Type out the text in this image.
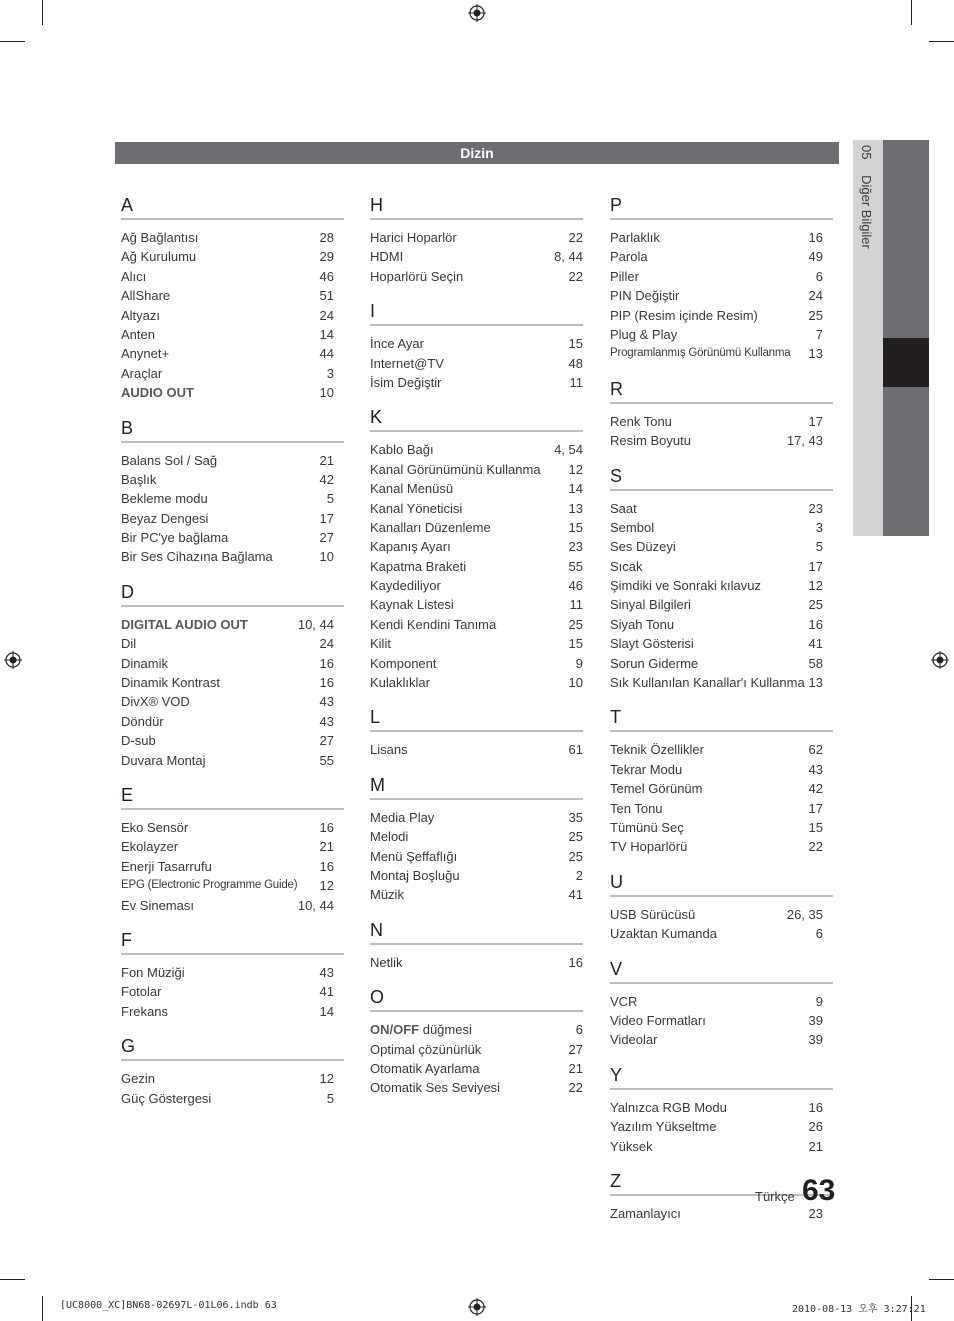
Dizin	05 Diğer Bilgiler
A
Ağ Bağlantısı	28
Ağ Kurulumu	29
Alıcı	46
AllShare	51
Altyazı	24
Anten	14
Anynet+	44
Araçlar	3
AUDIO OUT	10
B
Balans Sol / Sağ	21
Başlık	42
Bekleme modu	5
Beyaz Dengesi	17
Bir PC'ye bağlama	27
Bir Ses Cihazına Bağlama	10
D
DIGITAL AUDIO OUT	10, 44
Dil	24
Dinamik	16
Dinamik Kontrast	16
DivX® VOD	43
Döndür	43
D-sub	27
Duvara Montaj	55
E
Eko Sensör	16
Ekolayzer	21
Enerji Tasarrufu	16
EPG (Electronic Programme Guide) 12
Ev Sineması	10, 44
F
Fon Müziği	43
Fotolar	41
Frekans	14
G
Gezin	12
Güç Göstergesi	5
H
Harici Hoparlör	22
HDMI	8, 44
Hoparlörü Seçin	22
I
İnce Ayar	15
Internet@TV	48
İsim Değiştir	11
K
Kablo Bağı	4, 54
Kanal Görünümünü Kullanma 12
Kanal Menüsü	14
Kanal Yöneticisi	13
Kanalları Düzenleme	15
Kapanış Ayarı	23
Kapatma Braketi	55
Kaydediliyor	46
Kaynak Listesi	11
Kendi Kendini Tanıma	25
Kilit	15
Komponent	9
Kulaklıklar	10
L
Lisans	61
M
Media Play	35
Melodi	25
Menü Şeffaflığı	25
Montaj Boşluğu	2
Müzik	41
N
Netlik	16
O
ON/OFF düğmesi	6
Optimal çözünürlük	27
Otomatik Ayarlama	21
Otomatik Ses Seviyesi	22
P
Parlaklık	16
Parola	49
Piller	6
PIN Değiştir	24
PIP (Resim içinde Resim)	25
Plug & Play	7
Programlanmış Görünümü Kullanma 13
R
Renk Tonu	17
Resim Boyutu	17, 43
S
Saat	23
Sembol	3
Ses Düzeyi	5
Sıcak	17
Şimdiki ve Sonraki kılavuz	12
Sinyal Bilgileri	25
Siyah Tonu	16
Slayt Gösterisi	41
Sorun Giderme	58
Sık Kullanılan Kanallar'ı Kullanma 13
T
Teknik Özellikler	62
Tekrar Modu	43
Temel Görünüm	42
Ten Tonu	17
Tümünü Seç	15
TV Hoparlörü	22
U
USB Sürücüsü	26, 35
Uzaktan Kumanda	6
V
VCR	9
Video Formatları	39
Videolar	39
Y
Yalnızca RGB Modu	16
Yazılım Yükseltme	26
Yüksek	21
Z
Zamanlayıcı	23
Türkçe 63
[UC8000_XC]BN68-02697L-01L06.indb 63	2010-08-13 오후 3:27:21
